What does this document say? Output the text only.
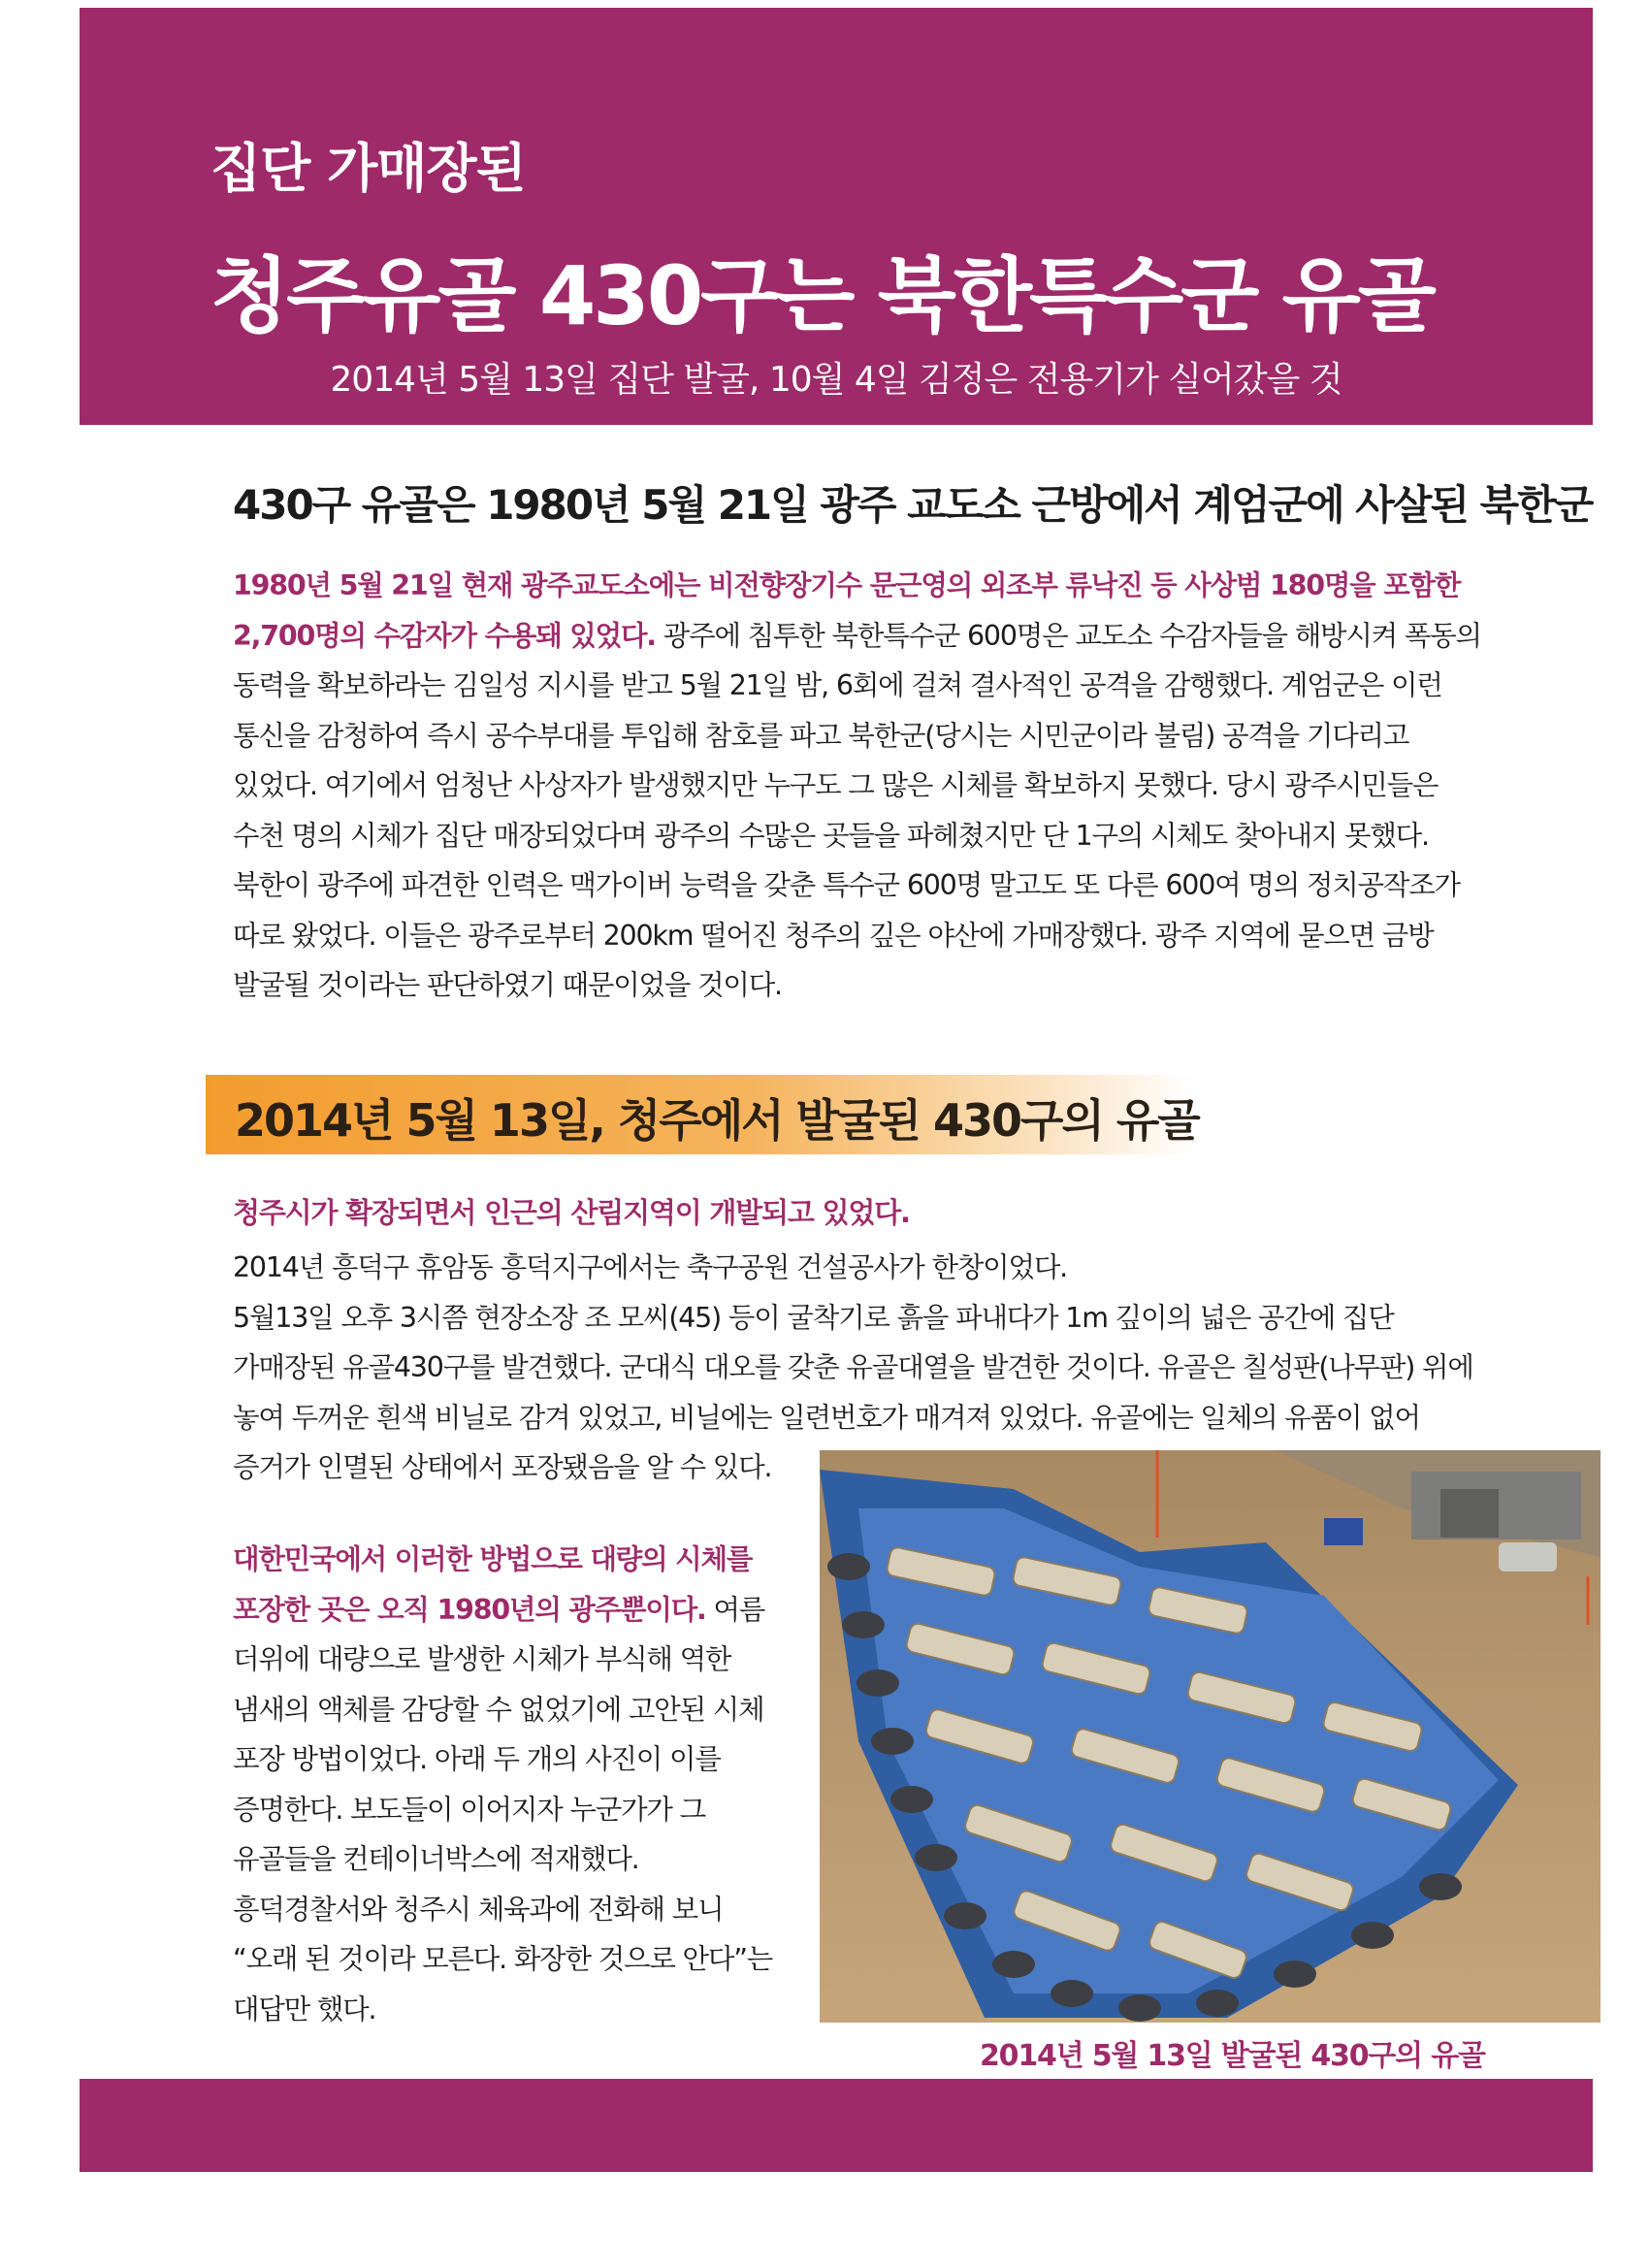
집단 가매장된
청주유골 430구는 북한특수군 유골
2014년 5월 13일 집단 발굴, 10월 4일 김정은 전용기가 실어갔을 것
430구 유골은 1980년 5월 21일 광주 교도소 근방에서 계엄군에 사살된 북한군
1980년 5월 21일 현재 광주교도소에는 비전향장기수 문근영의 외조부 류낙진 등 사상범 180명을 포함한 2,700명의 수감자가 수용돼 있었다. 광주에 침투한 북한특수군 600명은 교도소 수감자들을 해방시켜 폭동의 동력을 확보하라는 김일성 지시를 받고 5월 21일 밤, 6회에 걸쳐 결사적인 공격을 감행했다. 계엄군은 이런 통신을 감청하여 즉시 공수부대를 투입해 참호를 파고 북한군(당시는 시민군이라 불림) 공격을 기다리고 있었다. 여기에서 엄청난 사상자가 발생했지만 누구도 그 많은 시체를 확보하지 못했다. 당시 광주시민들은 수천 명의 시체가 집단 매장되었다며 광주의 수많은 곳들을 파헤쳤지만 단 1구의 시체도 찾아내지 못했다. 북한이 광주에 파견한 인력은 맥가이버 능력을 갖춘 특수군 600명 말고도 또 다른 600여 명의 정치공작조가 따로 왔었다. 이들은 광주로부터 200km 떨어진 청주의 깊은 야산에 가매장했다. 광주 지역에 묻으면 금방 발굴될 것이라는 판단하였기 때문이었을 것이다.
2014년 5월 13일, 청주에서 발굴된 430구의 유골
청주시가 확장되면서 인근의 산림지역이 개발되고 있었다.

2014년 흥덕구 휴암동 흥덕지구에서는 축구공원 건설공사가 한창이었다.

5월13일 오후 3시쯤 현장소장 조 모씨(45) 등이 굴착기로 흙을 파내다가 1m 깊이의 넓은 공간에 집단 가매장된 유골430구를 발견했다. 군대식 대오를 갖춘 유골대열을 발견한 것이다. 유골은 칠성판(나무판) 위에 놓여 두꺼운 흰색 비닐로 감겨 있었고, 비닐에는 일련번호가 매겨져 있었다. 유골에는 일체의 유품이 없어

증거가 인멸된 상태에서 포장됐음을 알 수 있다.

대한민국에서 이러한 방법으로 대량의 시체를 포장한 곳은 오직 1980년의 광주뿐이다. 여름 더위에 대량으로 발생한 시체가 부식해 역한 냄새의 액체를 감당할 수 없었기에 고안된 시체 포장 방법이었다. 아래 두 개의 사진이 이를 증명한다. 보도들이 이어지자 누군가가 그 유골들을 컨테이너박스에 적재했다. 흥덕경찰서와 청주시 체육과에 전화해 보니 “오래 된 것이라 모른다. 화장한 것으로 안다”는 대답만 했다.
2014년 5월 13일 발굴된 430구의 유골
